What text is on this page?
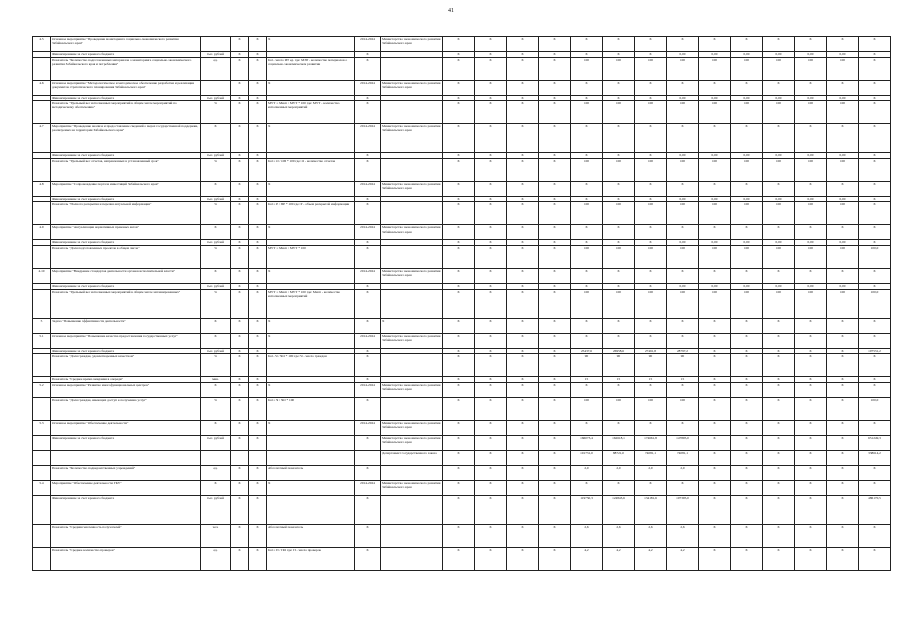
41
4.5	Основное мероприятие "Проведение мониторинга социально-экономического развития Забайкальского края"		X	X	X	2014-2024	Министерство экономического развития Забайкальского края	X	X	X	X	X	X	X	X	X	X	X	X	X	X
	Финансирование за счет краевого бюджета	тыс. рублей	X	X		X		X	X	X	X	X	X	X	0,00	0,00	0,00	0,00	0,00	0,00	X
	Показатель "Количество подготовленных материалов о мониторинге социально-экономического развития Забайкальского края и потребления"	ед.	X	X	Ind - число ИТ ед. где: МЭР - количество материалов о социально-экономическом развитии	X		X	X	X	X	100	100	100	100	100	100	100	100	100	X
4.6	Основное мероприятие "Методологическое и методическое обеспечение разработки и реализации документов стратегического планирования Забайкальского края"		X	X	X	2014-2024	Министерство экономического развития Забайкальского края	X	X	X	X	X	X	X	X	X	X	X	X	X	X
	Финансирование за счет краевого бюджета	тыс. рублей	X	X		X		X	X	X	X	X	X	X	0,00	0,00	0,00	0,00	0,00	0,00	X
	Показатель "Удельный вес исполненных мероприятий в общем числе мероприятий по методическому обеспечению"	%	X	X	МУТ = Мисп / МУТ * 100 где: МУТ - количество исполненных мероприятий	X		X	X	X	X	100	100	100	100	100	100	100	100	100	X
4.7	Мероприятие "Проведение анализа и предоставление сведений о мерах государственной поддержки, реализуемых на территории Забайкальского края"	X	X	X	X	2014-2024	Министерство экономического развития Забайкальского края	X	X	X	X	X	X	X	X	X	X	X	X	X	X
	Финансирование за счет краевого бюджета	тыс. рублей	X	X		X		X	X	X	X	X	X	X	0,00	0,00	0,00	0,00	0,00	0,00	X
	Показатель "Удельный вес отчетов, направленных в установленный срок"	%	X	X	Ind = О / ОП * 100 где: О - количество отчетов	X		X	X	X	X	100	100	100	100	100	100	100	100	100	X
4.8	Мероприятие "Сопровождение портала инвестиций Забайкальского края"	X	X	X	X	2014-2024	Министерство экономического развития Забайкальского края	X	X	X	X	X	X	X	X	X	X	X	X	X	X
	Финансирование за счет краевого бюджета	тыс. рублей	X	X		X		X	X	X	X	X	X	X	0,00	0,00	0,00	0,00	0,00	0,00	X
	Показатель "Полнота раскрытия и перечня актуальной информации"	%	X	X	Ind = Р / ПР * 100 где: Р - объем раскрытой информации	X		X	X	X	X	100	100	100	100	100	100	100	100	100	X
4.9	Мероприятие "Актуализация нормативных правовых актов"	X	X	X	X	2014-2024	Министерство экономического развития Забайкальского края	X	X	X	X	X	X	X	X	X	X	X	X	X	X
	Финансирование за счет краевого бюджета	тыс. рублей	X	X		X		X	X	X	X	X	X	X	0,00	0,00	0,00	0,00	0,00	0,00	X
	Показатель "Доля подготовленных проектов в общем числе"	%	X	X	МУТ = Мисп / МУТ * 100	X		X	X	X	X	100	100	100	100	100	100	100	100	100	100,0
4.10	Мероприятие "Внедрение стандартов деятельности органов исполнительной власти"	X	X	X	X	2014-2024	Министерство экономического развития Забайкальского края	X	X	X	X	X	X	X	X	X	X	X	X	X	X
	Финансирование за счет краевого бюджета	тыс. рублей	X	X		X		X	X	X	X	X	X	X	0,00	0,00	0,00	0,00	0,00	0,00	X
	Показатель "Удельный вес исполненных мероприятий в общем числе запланированных"	%	X	X	МУТ = Мисп / МУТ * 100 где: Мисп - количество исполненных мероприятий	X		X	X	X	X	100	100	100	100	100	100	100	100	100	100,0
5	Задача "Повышение эффективности деятельности"	X	X	X	X	X	X	X	X	X	X	X	X	X	X	X	X	X	X	X	X
5.1	Основное мероприятие "Повышение качества предоставления государственных услуг"	X	X	X	X	2014-2024	Министерство экономического развития Забайкальского края	X	X	X	X	X	X	X	X	X	X	X	X	X	X
	Финансирование за счет краевого бюджета	тыс. рублей	X	X		X		X	X	X	X	25437,6	26958,6	27461,8	28797,2	X	X	X	X	X	107531,2
	Показатель "Доля граждан, удовлетворенных качеством"	%	X	X	Ind - Ч / ЧО * 100 где: Ч - число граждан	X		X	X	X	X	90	90	90	90	X	X	X	X	X	X
	Показатель "Среднее время ожидания в очереди"	мин.	X	X		X		X	X	X	X	15	15	15	15	X	X	X	X	X	X
5.2	Основное мероприятие "Развитие многофункциональных центров"	X	X	X	X	2014-2024	Министерство экономического развития Забайкальского края	X	X	X	X	X	X	X	X	X	X	X	X	X	X
	Показатель "Доля граждан, имеющих доступ к получению услуг"	%	X	X	Ind = Ч / ЧО * 100	X		X	X	X	X	100	100	100	100	X	X	X	X	X	100,0
5.3	Основное мероприятие "Обеспечение деятельности"	X	X	X	X	2014-2024	Министерство экономического развития Забайкальского края	X	X	X	X	X	X	X	X	X	X	X	X	X	X
	Финансирование за счет краевого бюджета	тыс. рублей	X	X		X	Министерство экономического развития Забайкальского края	X	X	X	X	166073,4	162618,1	174661,8	147895,0	X	X	X	X	X	651249,3
							Департамент государственного заказа	X	X	X	X	101731,0	88721,0	74081,1	74081,1	X	X	X	X	X	338614,2
	Показатель "Количество подведомственных учреждений"	ед.	X	X	Абсолютный показатель	X		X	X	X	X	2,0	2,0	2,0	2,0	X	X	X	X	X	X
5.4	Мероприятие "Обеспечение деятельности ГКУ"	X	X	X	X	2014-2024	Министерство экономического развития Забайкальского края	X	X	X	X	X	X	X	X	X	X	X	X	X	X
	Финансирование за счет краевого бюджета	тыс. рублей	X	X		X		X	X	X	X	119750,3	124843,6	134181,6	107395,0	X	X	X	X	X	486170,5
	Показатель "Средняя численность получателей"	чел.	X	X	Абсолютный показатель	X		X	X	X	X	2,6	2,6	2,6	2,6	X	X	X	X	X	X
	Показатель "Среднее количество проверок"	ед.	X	X	Ind = П / ПО где: П - число проверок	X		X	X	X	X	4,2	4,2	4,2	4,2	X	X	X	X	X	X
